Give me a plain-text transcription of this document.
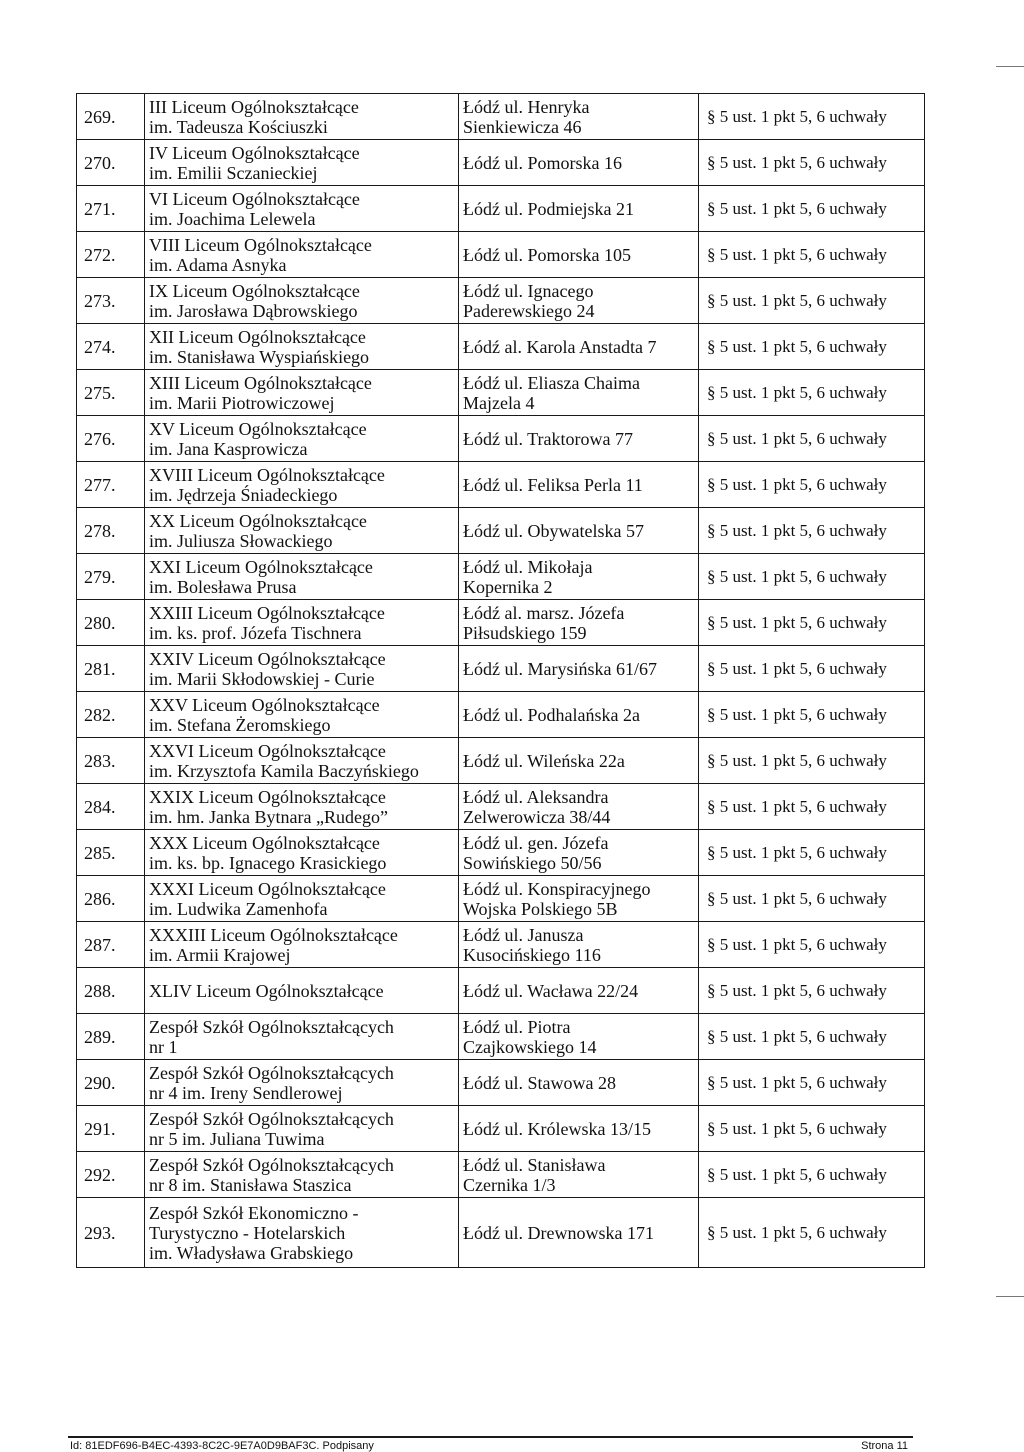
269.	III Liceum Ogólnokształcące
im. Tadeusza Kościuszki	Łódź ul. Henryka
Sienkiewicza 46	§ 5 ust. 1 pkt 5, 6 uchwały
270.	IV Liceum Ogólnokształcące
im. Emilii Sczanieckiej	Łódź ul. Pomorska 16	§ 5 ust. 1 pkt 5, 6 uchwały
271.	VI Liceum Ogólnokształcące
im. Joachima Lelewela	Łódź ul. Podmiejska 21	§ 5 ust. 1 pkt 5, 6 uchwały
272.	VIII Liceum Ogólnokształcące
im. Adama Asnyka	Łódź ul. Pomorska 105	§ 5 ust. 1 pkt 5, 6 uchwały
273.	IX Liceum Ogólnokształcące
im. Jarosława Dąbrowskiego	Łódź ul. Ignacego
Paderewskiego 24	§ 5 ust. 1 pkt 5, 6 uchwały
274.	XII Liceum Ogólnokształcące
im. Stanisława Wyspiańskiego	Łódź al. Karola Anstadta 7	§ 5 ust. 1 pkt 5, 6 uchwały
275.	XIII Liceum Ogólnokształcące
im. Marii Piotrowiczowej	Łódź ul. Eliasza Chaima
Majzela 4	§ 5 ust. 1 pkt 5, 6 uchwały
276.	XV Liceum Ogólnokształcące
im. Jana Kasprowicza	Łódź ul. Traktorowa 77	§ 5 ust. 1 pkt 5, 6 uchwały
277.	XVIII Liceum Ogólnokształcące
im. Jędrzeja Śniadeckiego	Łódź ul. Feliksa Perla 11	§ 5 ust. 1 pkt 5, 6 uchwały
278.	XX Liceum Ogólnokształcące
im. Juliusza Słowackiego	Łódź ul. Obywatelska 57	§ 5 ust. 1 pkt 5, 6 uchwały
279.	XXI Liceum Ogólnokształcące
im. Bolesława Prusa	Łódź ul. Mikołaja
Kopernika 2	§ 5 ust. 1 pkt 5, 6 uchwały
280.	XXIII Liceum Ogólnokształcące
im. ks. prof. Józefa Tischnera	Łódź al. marsz. Józefa
Piłsudskiego 159	§ 5 ust. 1 pkt 5, 6 uchwały
281.	XXIV Liceum Ogólnokształcące
im. Marii Skłodowskiej - Curie	Łódź ul. Marysińska 61/67	§ 5 ust. 1 pkt 5, 6 uchwały
282.	XXV Liceum Ogólnokształcące
im. Stefana Żeromskiego	Łódź ul. Podhalańska 2a	§ 5 ust. 1 pkt 5, 6 uchwały
283.	XXVI Liceum Ogólnokształcące
im. Krzysztofa Kamila Baczyńskiego	Łódź ul. Wileńska 22a	§ 5 ust. 1 pkt 5, 6 uchwały
284.	XXIX Liceum Ogólnokształcące
im. hm. Janka Bytnara „Rudego”	Łódź ul. Aleksandra
Zelwerowicza 38/44	§ 5 ust. 1 pkt 5, 6 uchwały
285.	XXX Liceum Ogólnokształcące
im. ks. bp. Ignacego Krasickiego	Łódź ul. gen. Józefa
Sowińskiego 50/56	§ 5 ust. 1 pkt 5, 6 uchwały
286.	XXXI Liceum Ogólnokształcące
im. Ludwika Zamenhofa	Łódź ul. Konspiracyjnego
Wojska Polskiego 5B	§ 5 ust. 1 pkt 5, 6 uchwały
287.	XXXIII Liceum Ogólnokształcące
im. Armii Krajowej	Łódź ul. Janusza
Kusocińskiego 116	§ 5 ust. 1 pkt 5, 6 uchwały
288.	XLIV Liceum Ogólnokształcące	Łódź ul. Wacława 22/24	§ 5 ust. 1 pkt 5, 6 uchwały
289.	Zespół Szkół Ogólnokształcących
nr 1	Łódź ul. Piotra
Czajkowskiego 14	§ 5 ust. 1 pkt 5, 6 uchwały
290.	Zespół Szkół Ogólnokształcących
nr 4 im. Ireny Sendlerowej	Łódź ul. Stawowa 28	§ 5 ust. 1 pkt 5, 6 uchwały
291.	Zespół Szkół Ogólnokształcących
nr 5 im. Juliana Tuwima	Łódź ul. Królewska 13/15	§ 5 ust. 1 pkt 5, 6 uchwały
292.	Zespół Szkół Ogólnokształcących
nr 8 im. Stanisława Staszica	Łódź ul. Stanisława
Czernika 1/3	§ 5 ust. 1 pkt 5, 6 uchwały
293.	Zespół Szkół Ekonomiczno -
Turystyczno - Hotelarskich
im. Władysława Grabskiego	Łódź ul. Drewnowska 171	§ 5 ust. 1 pkt 5, 6 uchwały
Id: 81EDF696-B4EC-4393-8C2C-9E7A0D9BAF3C. Podpisany	Strona 11
